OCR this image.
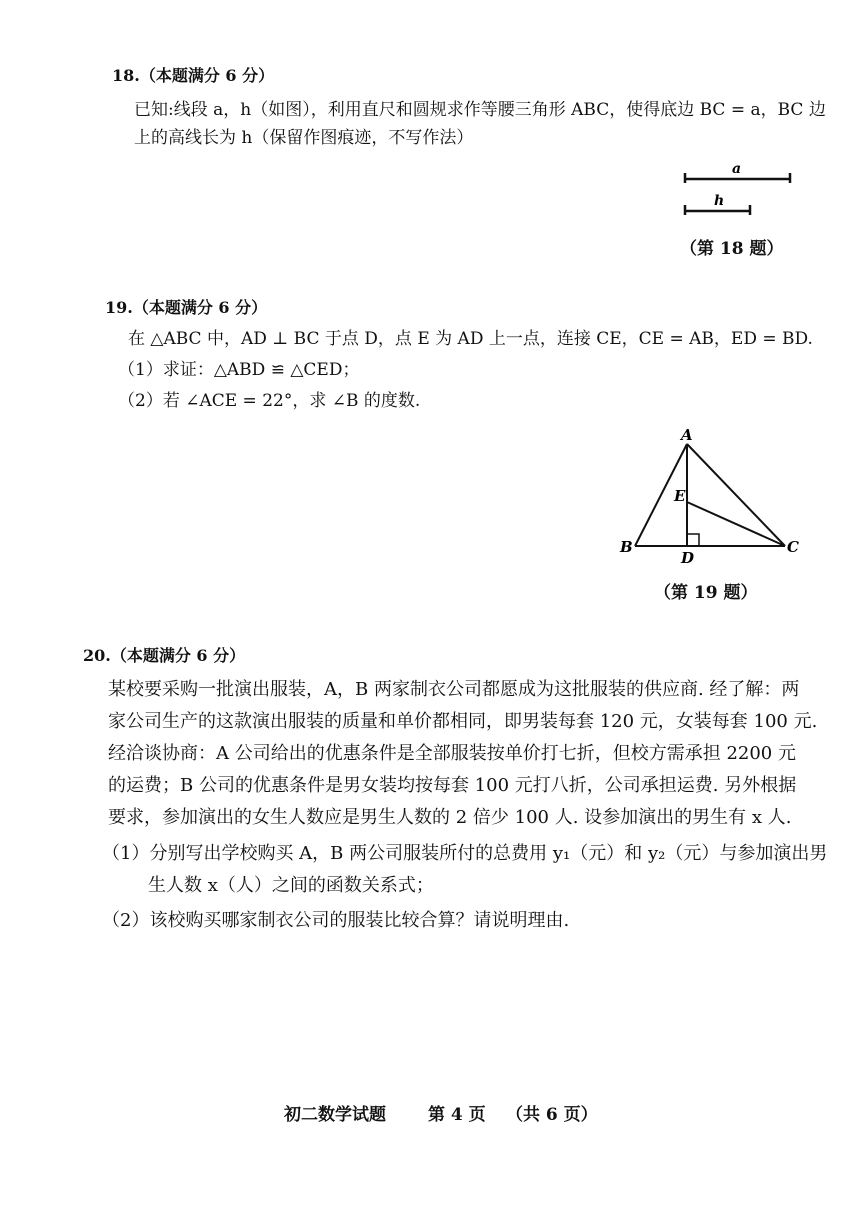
18.（本题满分 6 分）
已知:线段 a，h（如图），利用直尺和圆规求作等腰三角形 ABC，使得底边 BC = a，BC 边
上的高线长为 h（保留作图痕迹，不写作法）
a
h
（第 18 题）
19.（本题满分 6 分）
在 △ABC 中，AD ⊥ BC 于点 D，点 E 为 AD 上一点，连接 CE，CE = AB，ED = BD.
（1）求证：△ABD ≌ △CED；
（2）若 ∠ACE = 22°，求 ∠B 的度数.
A
B	C
D
E
（第 19 题）
20.（本题满分 6 分）
某校要采购一批演出服装，A，B 两家制衣公司都愿成为这批服装的供应商. 经了解：两
家公司生产的这款演出服装的质量和单价都相同，即男装每套 120 元，女装每套 100 元.
经洽谈协商：A 公司给出的优惠条件是全部服装按单价打七折，但校方需承担 2200 元
的运费；B 公司的优惠条件是男女装均按每套 100 元打八折，公司承担运费. 另外根据
要求，参加演出的女生人数应是男生人数的 2 倍少 100 人. 设参加演出的男生有 x 人.
（1）分别写出学校购买 A，B 两公司服装所付的总费用 y₁（元）和 y₂（元）与参加演出男
生人数 x（人）之间的函数关系式；
（2）该校购买哪家制衣公司的服装比较合算？请说明理由.
初二数学试题 第 4 页 （共 6 页）
